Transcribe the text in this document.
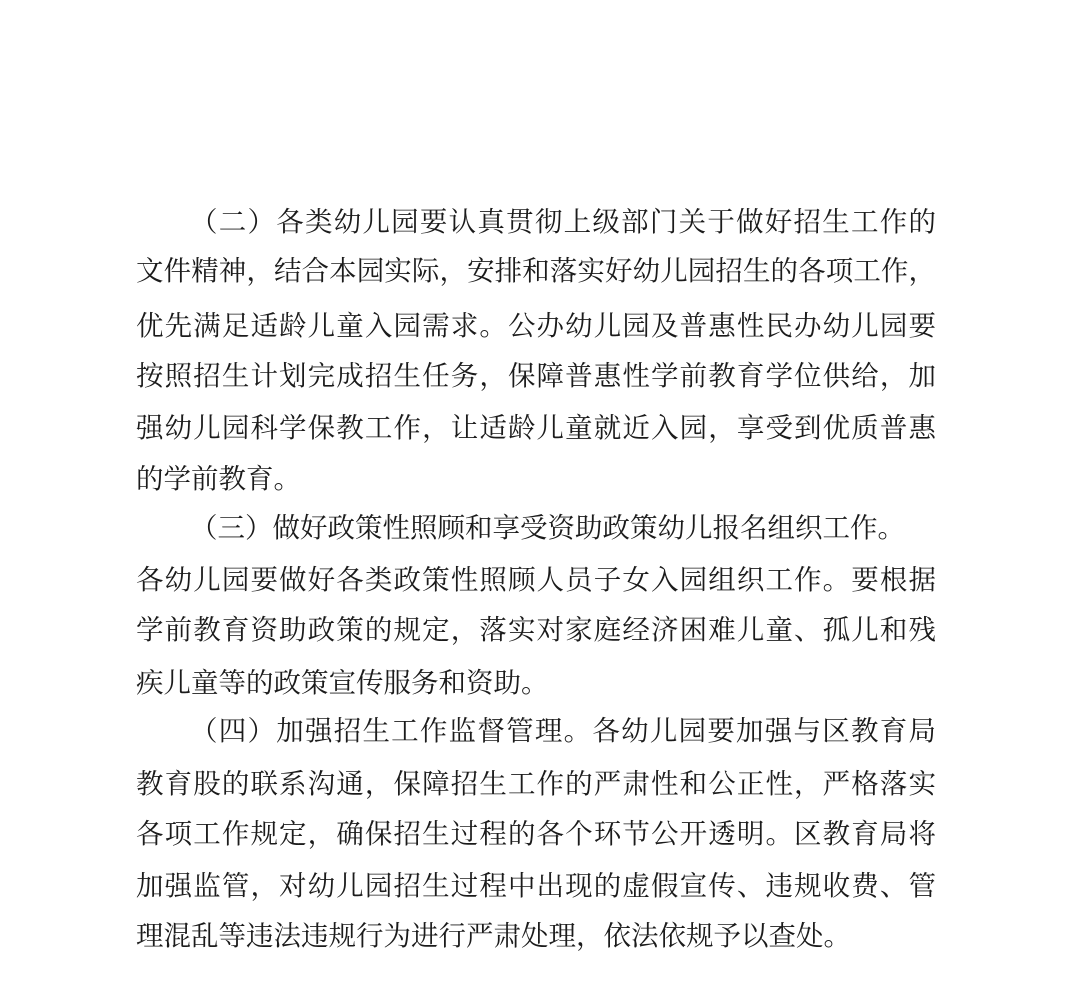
（二）各类幼儿园要认真贯彻上级部门关于做好招生工作的

文件精神，结合本园实际，安排和落实好幼儿园招生的各项工作，

优先满足适龄儿童入园需求。公办幼儿园及普惠性民办幼儿园要

按照招生计划完成招生任务，保障普惠性学前教育学位供给，加

强幼儿园科学保教工作，让适龄儿童就近入园，享受到优质普惠

的学前教育。

（三）做好政策性照顾和享受资助政策幼儿报名组织工作。

各幼儿园要做好各类政策性照顾人员子女入园组织工作。要根据

学前教育资助政策的规定，落实对家庭经济困难儿童、孤儿和残

疾儿童等的政策宣传服务和资助。

（四）加强招生工作监督管理。各幼儿园要加强与区教育局

教育股的联系沟通，保障招生工作的严肃性和公正性，严格落实

各项工作规定，确保招生过程的各个环节公开透明。区教育局将

加强监管，对幼儿园招生过程中出现的虚假宣传、违规收费、管

理混乱等违法违规行为进行严肃处理，依法依规予以查处。
